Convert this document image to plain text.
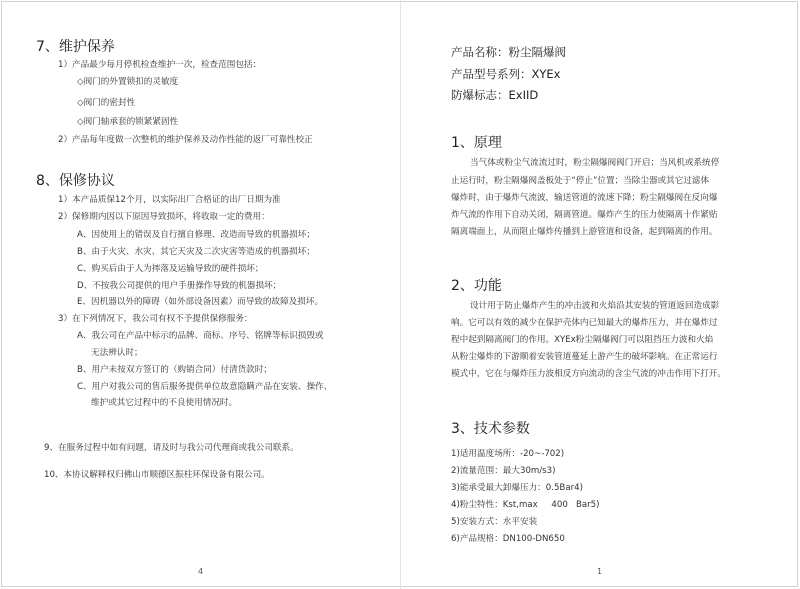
7、维护保养
1）产品最少每月停机检查维护一次，检查范围包括：
◇阀门的外置锁扣的灵敏度
◇阀门的密封性
◇阀门轴承套的锁紧紧固性
2）产品每年度做一次整机的维护保养及动作性能的返厂可靠性校正
8、保修协议
1）本产品质保12个月，以实际出厂合格证的出厂日期为准
2）保修期内因以下原因导致损坏，将收取一定的费用：
A、因使用上的错误及自行擅自修理、改造而导致的机器损坏；
B、由于火灾、水灾、其它天灾及二次灾害等造成的机器损坏；
C、购买后由于人为摔落及运输导致的硬件损坏；
D、不按我公司提供的用户手册操作导致的机器损坏；
E、因机器以外的障碍（如外部设备因素）而导致的故障及损坏。
3）在下列情况下，我公司有权不予提供保修服务：
A、我公司在产品中标示的品牌、商标、序号、铭牌等标识损毁或
无法辨认时；
B、用户未按双方签订的（购销合同）付清货款时；
C、用户对我公司的售后服务提供单位故意隐瞒产品在安装、操作、
维护或其它过程中的不良使用情况时。
9、在服务过程中如有问题，请及时与我公司代理商或我公司联系。
10、本协议解释权归佛山市顺德区振柱环保设备有限公司。
4
产品名称：粉尘隔爆阀
产品型号系列：XYEx
防爆标志：ExIID
1、原理
当气体或粉尘气流流过时，粉尘隔爆阀阀门开启；当风机或系统停
止运行时，粉尘隔爆阀盖板处于“停止”位置；当除尘器或其它过滤体
爆炸时，由于爆炸气流波，输送管道的流速下降；粉尘隔爆阀在反向爆
炸气流的作用下自动关闭，隔离管道。爆炸产生的压力使隔离十作紧贴
隔离端面上，从而阻止爆炸传播到上游管道和设备，起到隔离的作用。
2、功能
设计用于防止爆炸产生的冲击波和火焰沿其安装的管道返回造成影
响。它可以有效的减少在保护壳体内已知最大的爆炸压力，并在爆炸过
程中起到隔离阀门的作用。XYEx粉尘隔爆阀门可以阻挡压力波和火焰
从粉尘爆炸的下游顺着安装管道蔓延上游产生的破坏影响。在正常运行
模式中，它在与爆炸压力波相反方向流动的含尘气流的冲击作用下打开。
3、技术参数
1)适用温度场所：-20~-702)
2)流量范围：最大30m/s3)
3)能承受最大卸爆压力：0.5Bar4)
4)粉尘特性：Kst,max     400   Bar5)
5)安装方式：水平安装
6)产品规格：DN100-DN650
1
